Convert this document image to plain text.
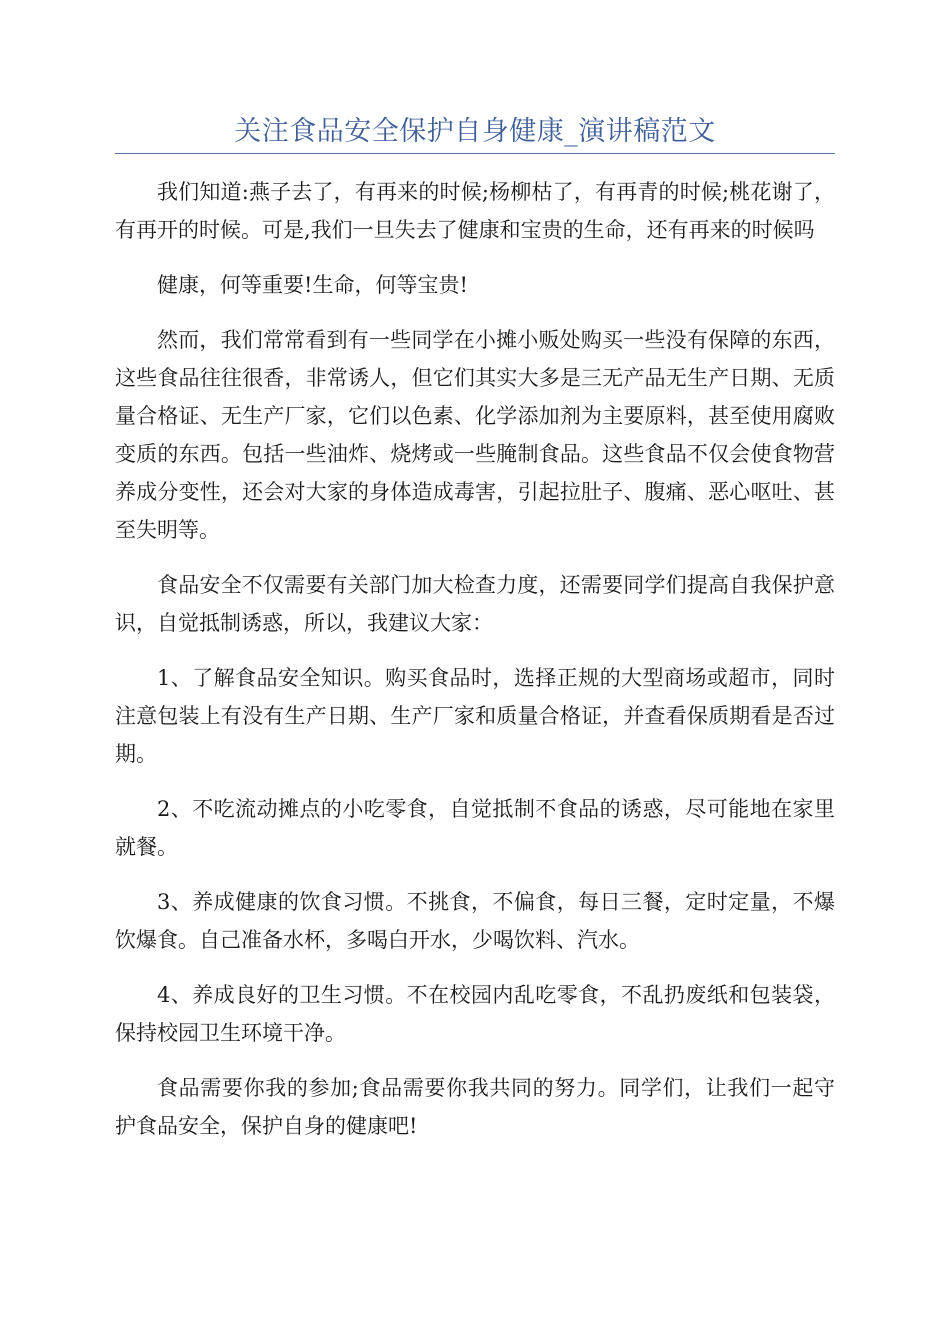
关注食品安全保护自身健康_演讲稿范文

我们知道:燕子去了，有再来的时候;杨柳枯了，有再青的时候;桃花谢了，有再开的时候。可是,我们一旦失去了健康和宝贵的生命，还有再来的时候吗

健康，何等重要!生命，何等宝贵!

然而，我们常常看到有一些同学在小摊小贩处购买一些没有保障的东西，这些食品往往很香，非常诱人，但它们其实大多是三无产品无生产日期、无质量合格证、无生产厂家，它们以色素、化学添加剂为主要原料，甚至使用腐败变质的东西。包括一些油炸、烧烤或一些腌制食品。这些食品不仅会使食物营养成分变性，还会对大家的身体造成毒害，引起拉肚子、腹痛、恶心呕吐、甚至失明等。

食品安全不仅需要有关部门加大检查力度，还需要同学们提高自我保护意识，自觉抵制诱惑，所以，我建议大家：

1、了解食品安全知识。购买食品时，选择正规的大型商场或超市，同时注意包装上有没有生产日期、生产厂家和质量合格证，并查看保质期看是否过期。

2、不吃流动摊点的小吃零食，自觉抵制不食品的诱惑，尽可能地在家里就餐。

3、养成健康的饮食习惯。不挑食，不偏食，每日三餐，定时定量，不爆饮爆食。自己准备水杯，多喝白开水，少喝饮料、汽水。

4、养成良好的卫生习惯。不在校园内乱吃零食，不乱扔废纸和包装袋，保持校园卫生环境干净。

食品需要你我的参加;食品需要你我共同的努力。同学们，让我们一起守护食品安全，保护自身的健康吧!
